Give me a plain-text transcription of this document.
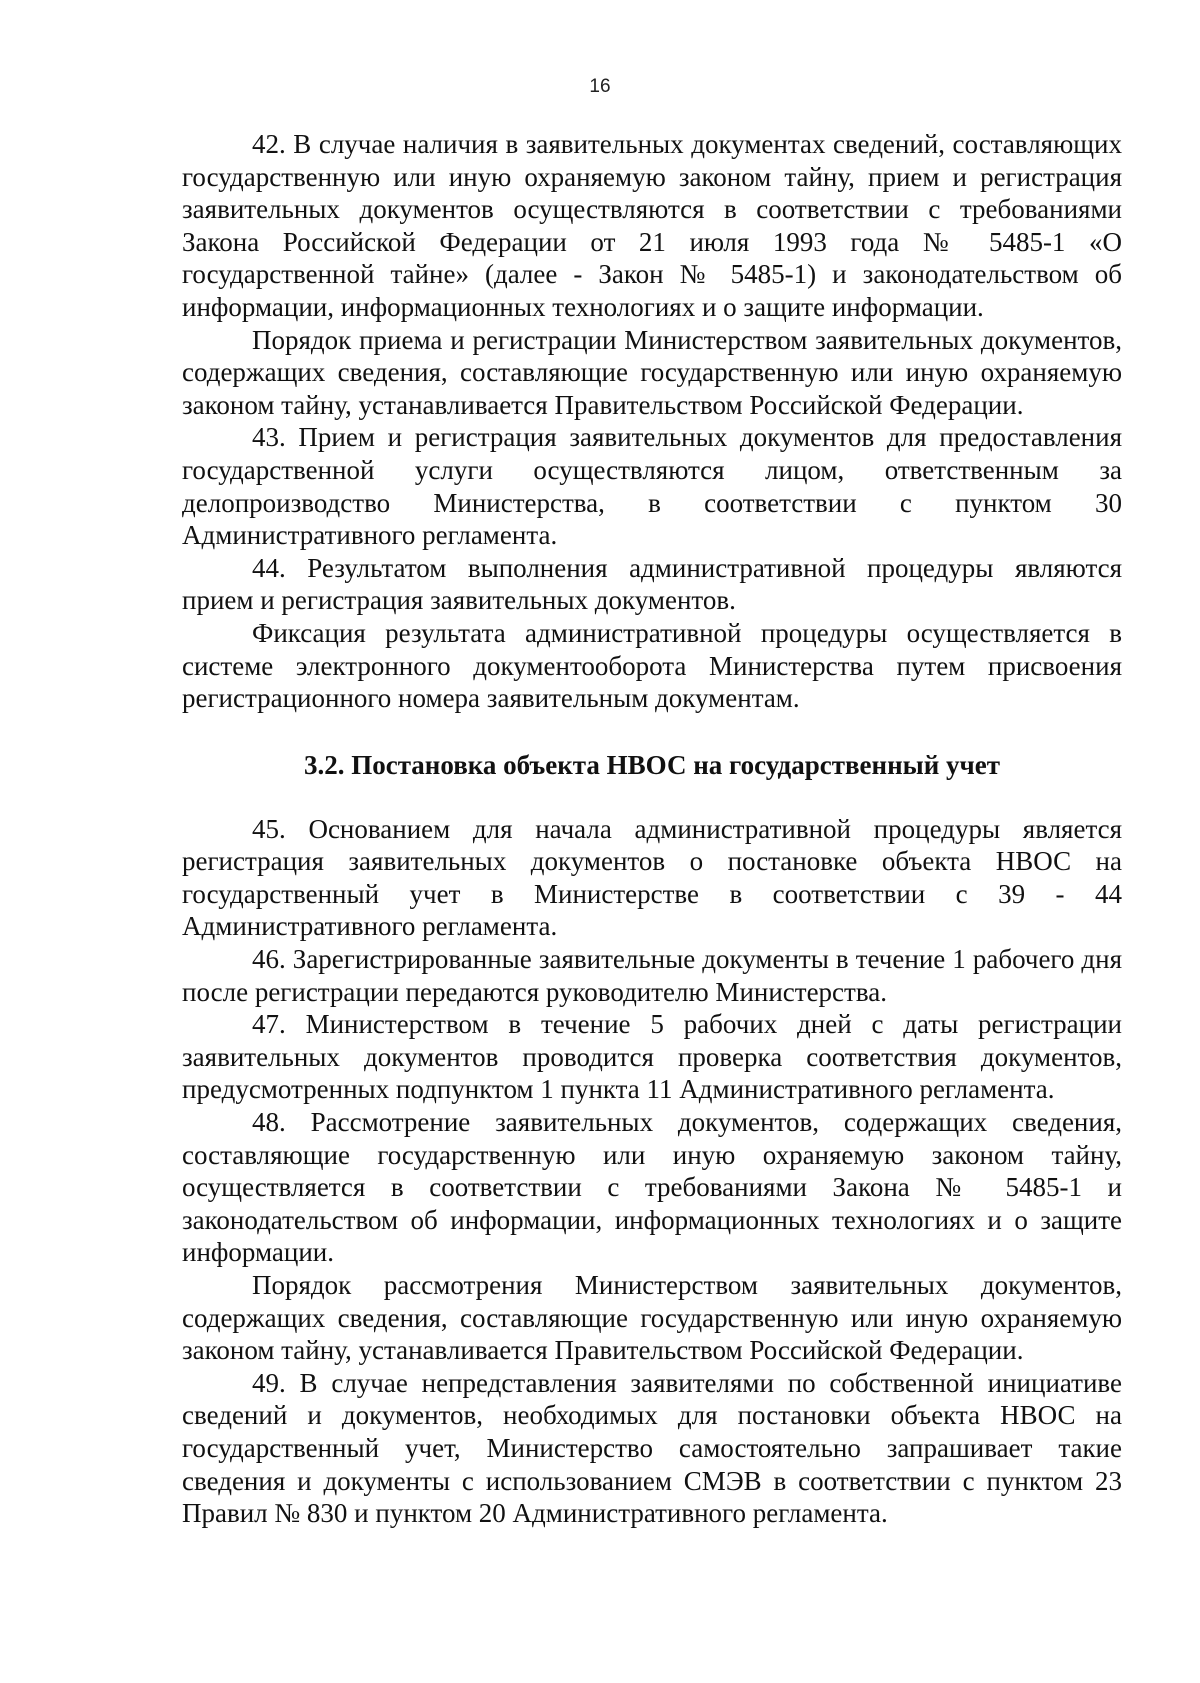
16

42. В случае наличия в заявительных документах сведений, составляющих государственную или иную охраняемую законом тайну, прием и регистрация заявительных документов осуществляются в соответствии с требованиями Закона Российской Федерации от 21 июля 1993 года № 5485-1 «О государственной тайне» (далее - Закон № 5485-1) и законодательством об информации, информационных технологиях и о защите информации.

Порядок приема и регистрации Министерством заявительных документов, содержащих сведения, составляющие государственную или иную охраняемую законом тайну, устанавливается Правительством Российской Федерации.

43. Прием и регистрация заявительных документов для предоставления государственной услуги осуществляются лицом, ответственным за делопроизводство Министерства, в соответствии с пунктом 30 Административного регламента.

44. Результатом выполнения административной процедуры являются прием и регистрация заявительных документов.

Фиксация результата административной процедуры осуществляется в системе электронного документооборота Министерства путем присвоения регистрационного номера заявительным документам.

3.2. Постановка объекта НВОС на государственный учет

45. Основанием для начала административной процедуры является регистрация заявительных документов о постановке объекта НВОС на государственный учет в Министерстве в соответствии с 39 - 44 Административного регламента.

46. Зарегистрированные заявительные документы в течение 1 рабочего дня после регистрации передаются руководителю Министерства.

47. Министерством в течение 5 рабочих дней с даты регистрации заявительных документов проводится проверка соответствия документов, предусмотренных подпунктом 1 пункта 11 Административного регламента.

48. Рассмотрение заявительных документов, содержащих сведения, составляющие государственную или иную охраняемую законом тайну, осуществляется в соответствии с требованиями Закона № 5485-1 и законодательством об информации, информационных технологиях и о защите информации.

Порядок рассмотрения Министерством заявительных документов, содержащих сведения, составляющие государственную или иную охраняемую законом тайну, устанавливается Правительством Российской Федерации.

49. В случае непредставления заявителями по собственной инициативе сведений и документов, необходимых для постановки объекта НВОС на государственный учет, Министерство самостоятельно запрашивает такие сведения и документы с использованием СМЭВ в соответствии с пунктом 23 Правил № 830 и пунктом 20 Административного регламента.
